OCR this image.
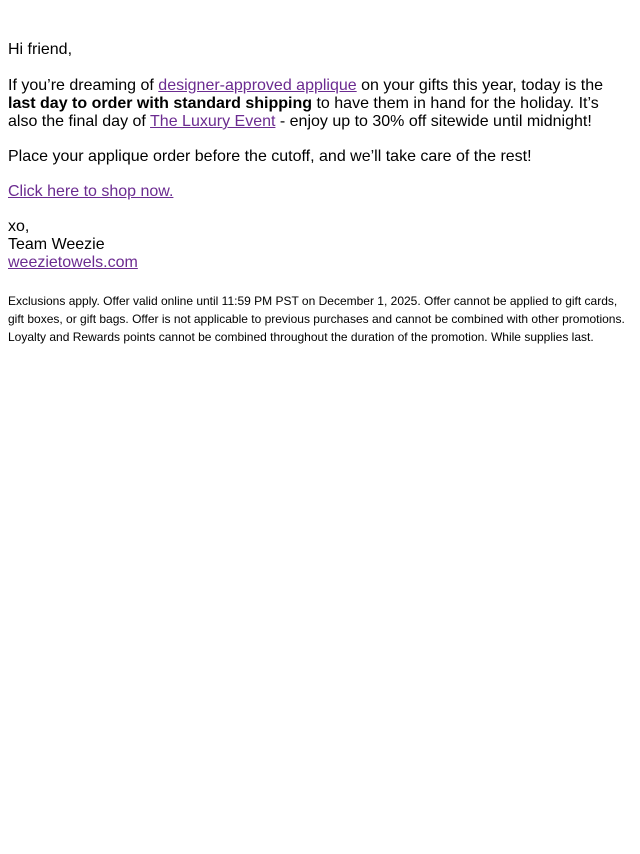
Hi friend,

If you’re dreaming of designer-approved applique on your gifts this year, today is the last day to order with standard shipping to have them in hand for the holiday. It’s also the final day of The Luxury Event - enjoy up to 30% off sitewide until midnight!

Place your applique order before the cutoff, and we’ll take care of the rest!

Click here to shop now.

xo,

Team Weezie

weezietowels.com

Exclusions apply. Offer valid online until 11:59 PM PST on December 1, 2025. Offer cannot be applied to gift cards, gift boxes, or gift bags. Offer is not applicable to previous purchases and cannot be combined with other promotions. Loyalty and Rewards points cannot be combined throughout the duration of the promotion. While supplies last.
